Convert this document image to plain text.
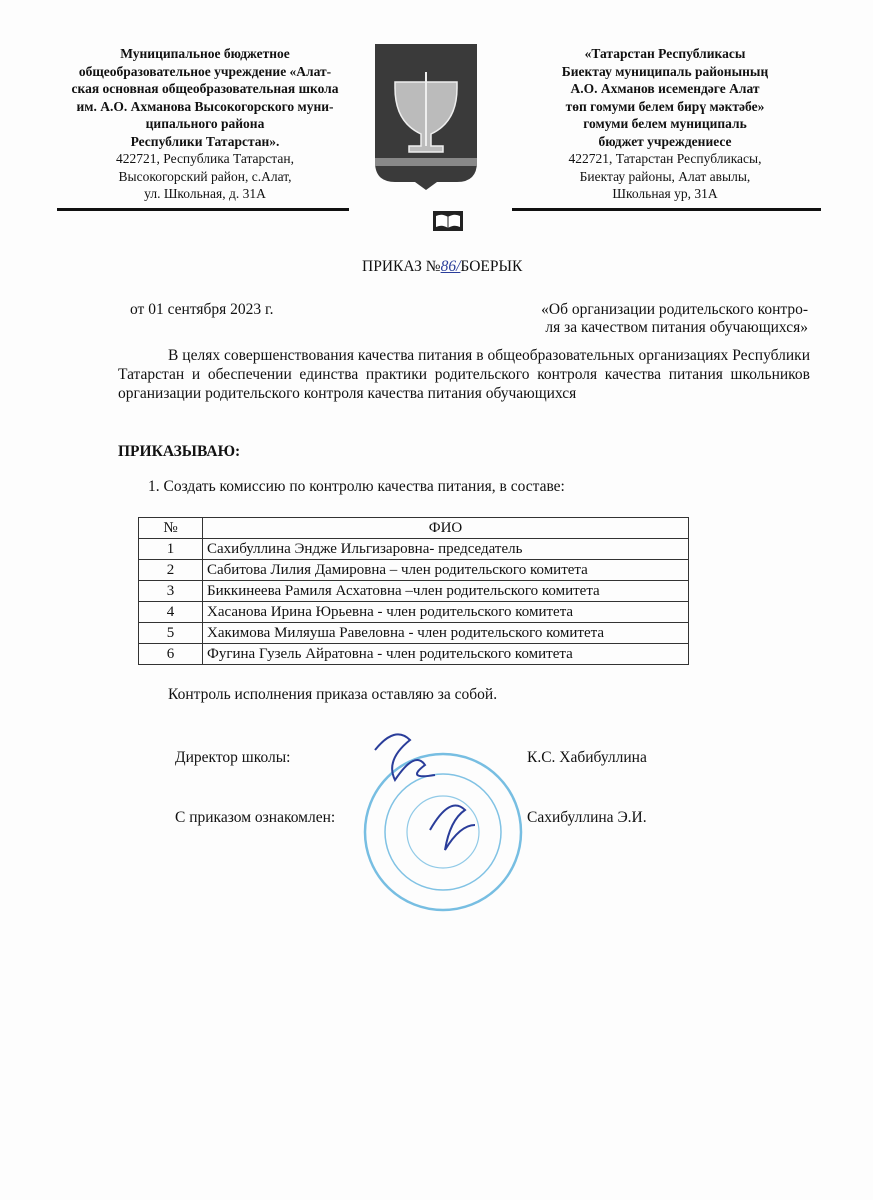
Муниципальное бюджетное
общеобразовательное учреждение «Алат-
ская основная общеобразовательная школа
им. А.О. Ахманова Высокогорского муни-
ципального района
Республики Татарстан».
422721, Республика Татарстан,
Высокогорский район, с.Алат,
ул. Школьная, д. 31А
«Татарстан Республикасы
Биектау муниципаль районының
А.О. Ахманов исемендәге Алат
төп гомуми белем бирү мәктәбе»
гомуми белем муниципаль
бюджет учреждениесе
422721, Татарстан Республикасы,
Биектау районы, Алат авылы,
Школьная ур, 31А
ПРИКАЗ №86/БОЕРЫК
от 01 сентября 2023 г.	«Об организации родительского контро-
ля за качеством питания обучающихся»
В целях совершенствования качества питания в общеобразовательных организациях Республики Татарстан и обеспечении единства практики родительского контроля качества питания школьников организации родительского контроля качества питания обучающихся
ПРИКАЗЫВАЮ:
1. Создать комиссию по контролю качества питания, в составе:
№	ФИО
1	Сахибуллина Эндже Ильгизаровна- председатель
2	Сабитова Лилия Дамировна – член родительского комитета
3	Биккинеева Рамиля Асхатовна –член родительского комитета
4	Хасанова Ирина Юрьевна - член родительского комитета
5	Хакимова Миляуша Равеловна - член родительского комитета
6	Фугина Гузель Айратовна - член родительского комитета
Контроль исполнения приказа оставляю за собой.
Директор школы:	К.С. Хабибуллина
С приказом ознакомлен:	Сахибуллина Э.И.
